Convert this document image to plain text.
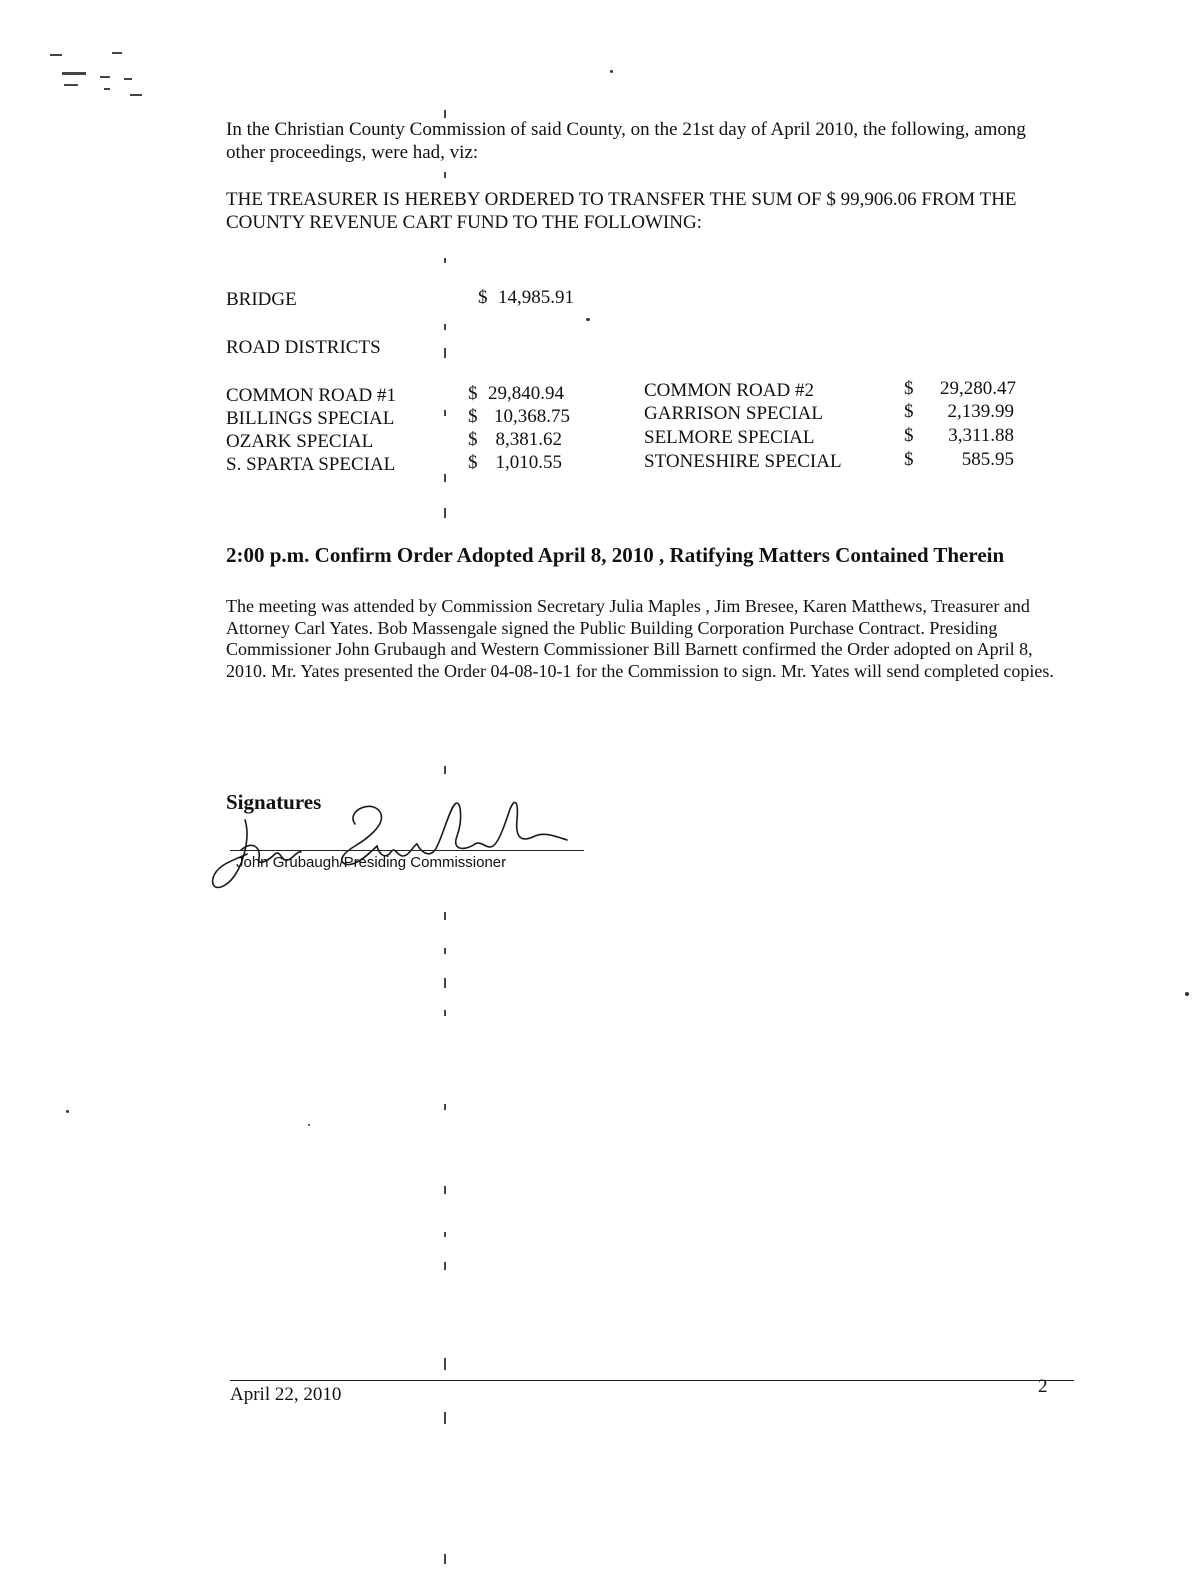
In the Christian County Commission of said County, on the 21st day of April 2010, the following, among other proceedings, were had, viz:
THE TREASURER IS HEREBY ORDERED TO TRANSFER THE SUM OF $ 99,906.06 FROM THE COUNTY REVENUE CART FUND TO THE FOLLOWING:
BRIDGE	$ 14,985.91
ROAD DISTRICTS
COMMON ROAD #1	$ 29,840.94
BILLINGS SPECIAL	$ 10,368.75
OZARK SPECIAL	$ 8,381.62
S. SPARTA SPECIAL	$ 1,010.55
COMMON ROAD #2	$	29,280.47
GARRISON SPECIAL	$	2,139.99
SELMORE SPECIAL	$	3,311.88
STONESHIRE SPECIAL	$	585.95
2:00 p.m. Confirm Order Adopted April 8, 2010 , Ratifying Matters Contained Therein
The meeting was attended by Commission Secretary Julia Maples , Jim Bresee, Karen Matthews, Treasurer and Attorney Carl Yates. Bob Massengale signed the Public Building Corporation Purchase Contract. Presiding Commissioner John Grubaugh and Western Commissioner Bill Barnett confirmed the Order adopted on April 8, 2010. Mr. Yates presented the Order 04-08-10-1 for the Commission to sign. Mr. Yates will send completed copies.
Signatures
John Grubaugh/Presiding Commissioner
April 22, 2010	2
